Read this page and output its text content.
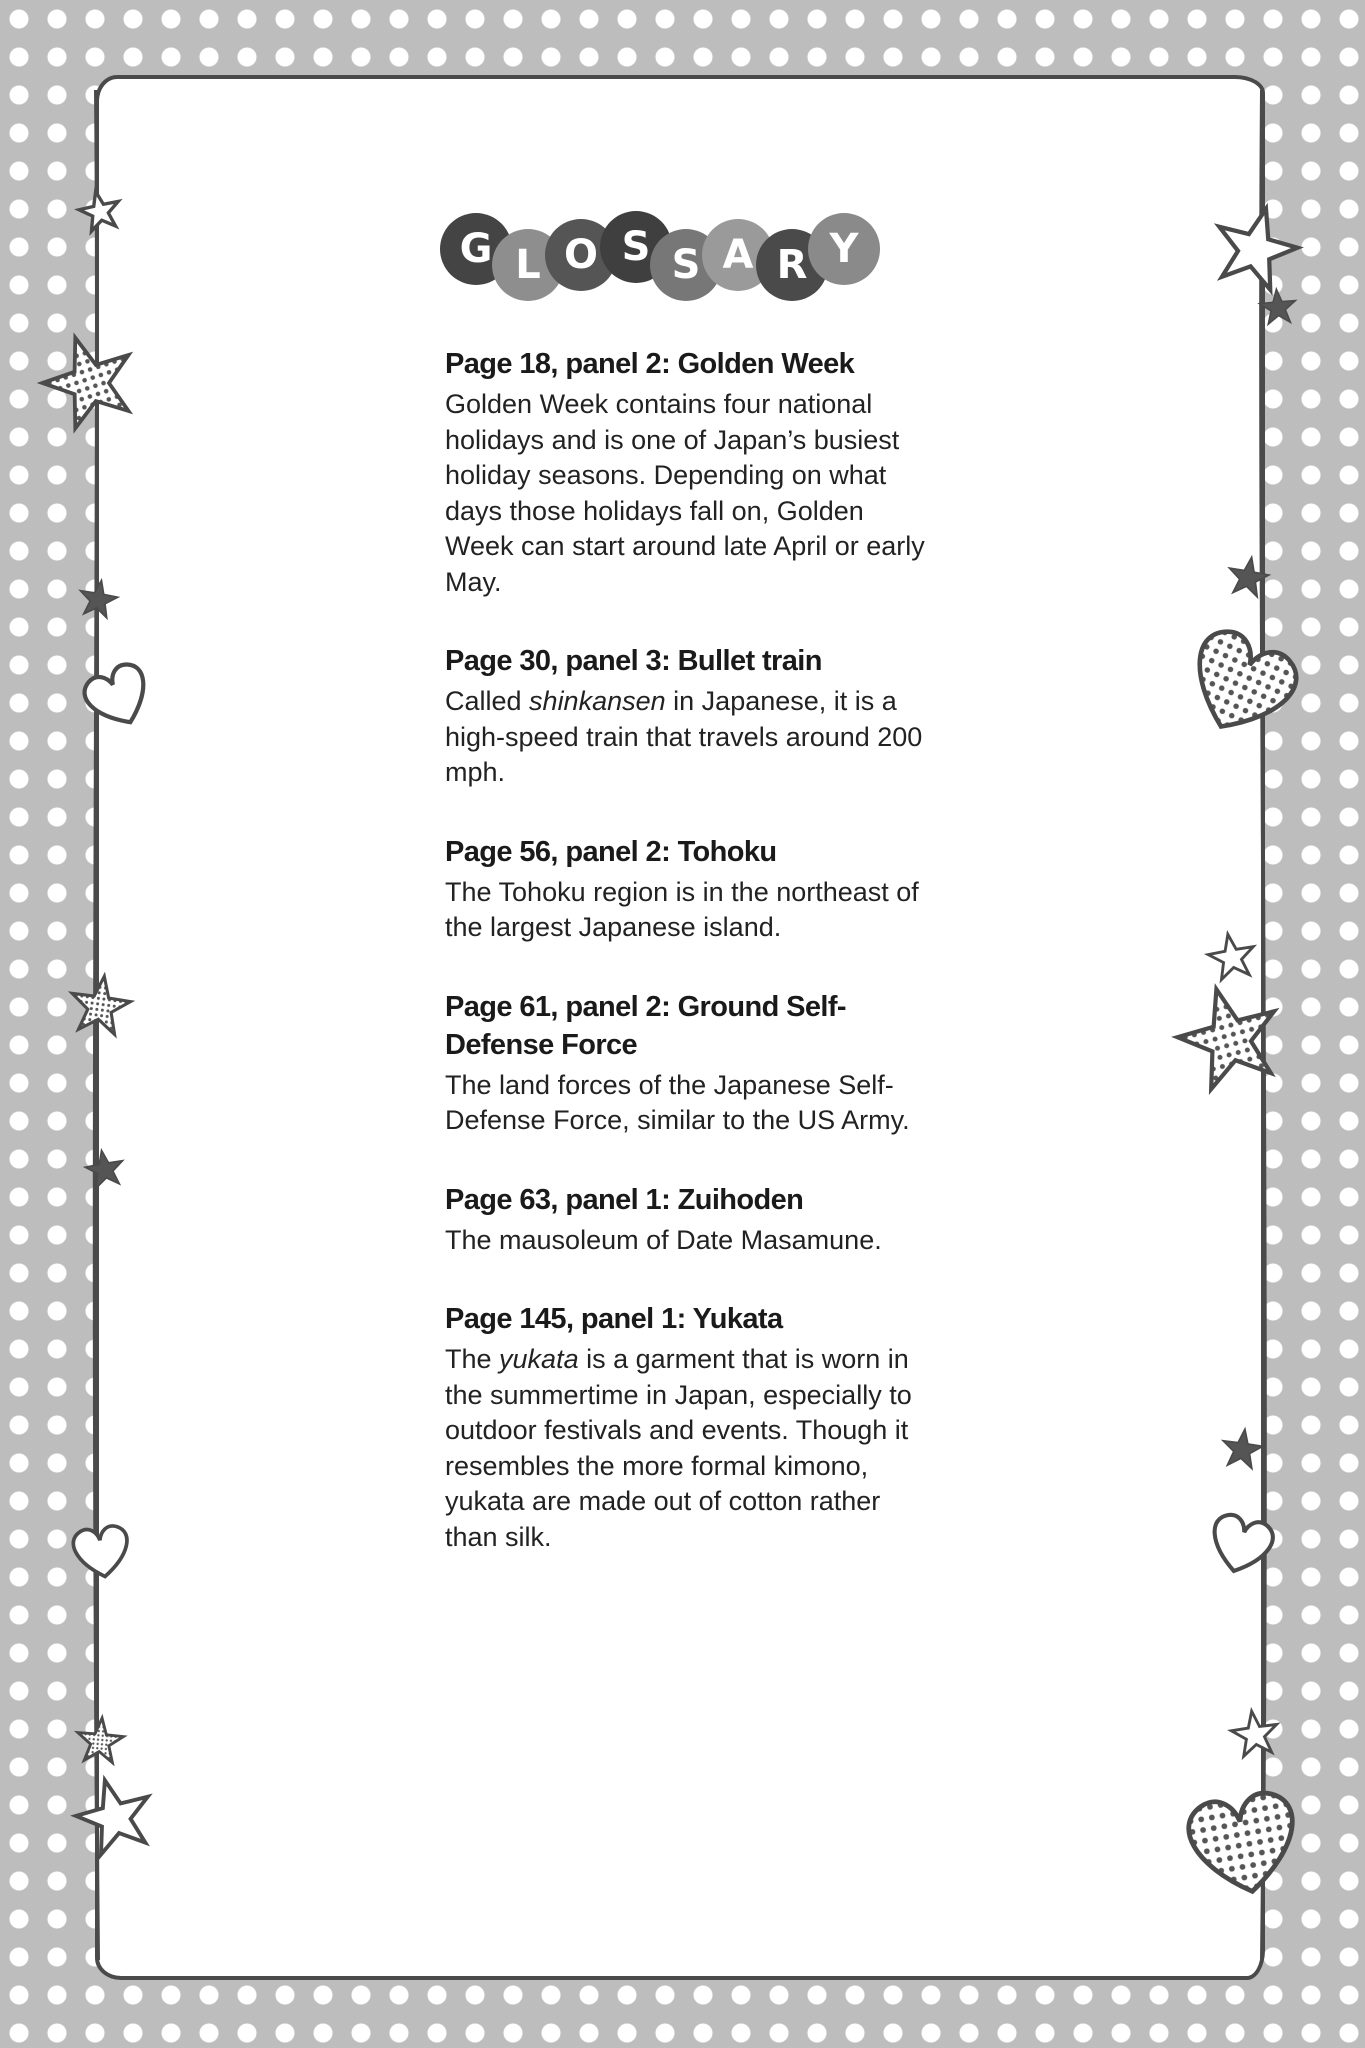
G L O S S A R Y
Page 18, panel 2: Golden Week

Golden Week contains four national holidays and is one of Japan’s busiest holiday seasons. Depending on what days those holidays fall on, Golden Week can start around late April or early May.

Page 30, panel 3: Bullet train

Called shinkansen in Japanese, it is a high-speed train that travels around 200 mph.

Page 56, panel 2: Tohoku

The Tohoku region is in the northeast of the largest Japanese island.

Page 61, panel 2: Ground Self-Defense Force

The land forces of the Japanese Self-Defense Force, similar to the US Army.

Page 63, panel 1: Zuihoden

The mausoleum of Date Masamune.

Page 145, panel 1: Yukata

The yukata is a garment that is worn in the summertime in Japan, especially to outdoor festivals and events. Though it resembles the more formal kimono, yukata are made out of cotton rather than silk.
